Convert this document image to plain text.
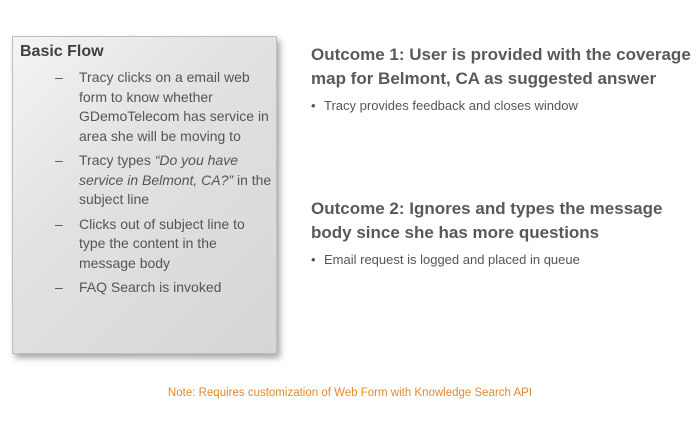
Basic Flow
– Tracy clicks on a email web form to know whether GDemoTelecom has service in area she will be moving to
– Tracy types “Do you have service in Belmont, CA?” in the subject line
– Clicks out of subject line to type the content in the message body
– FAQ Search is invoked

Outcome 1: User is provided with the coverage map for Belmont, CA as suggested answer

• Tracy provides feedback and closes window

Outcome 2: Ignores and types the message body since she has more questions

• Email request is logged and placed in queue
Note: Requires customization of Web Form with Knowledge Search API
